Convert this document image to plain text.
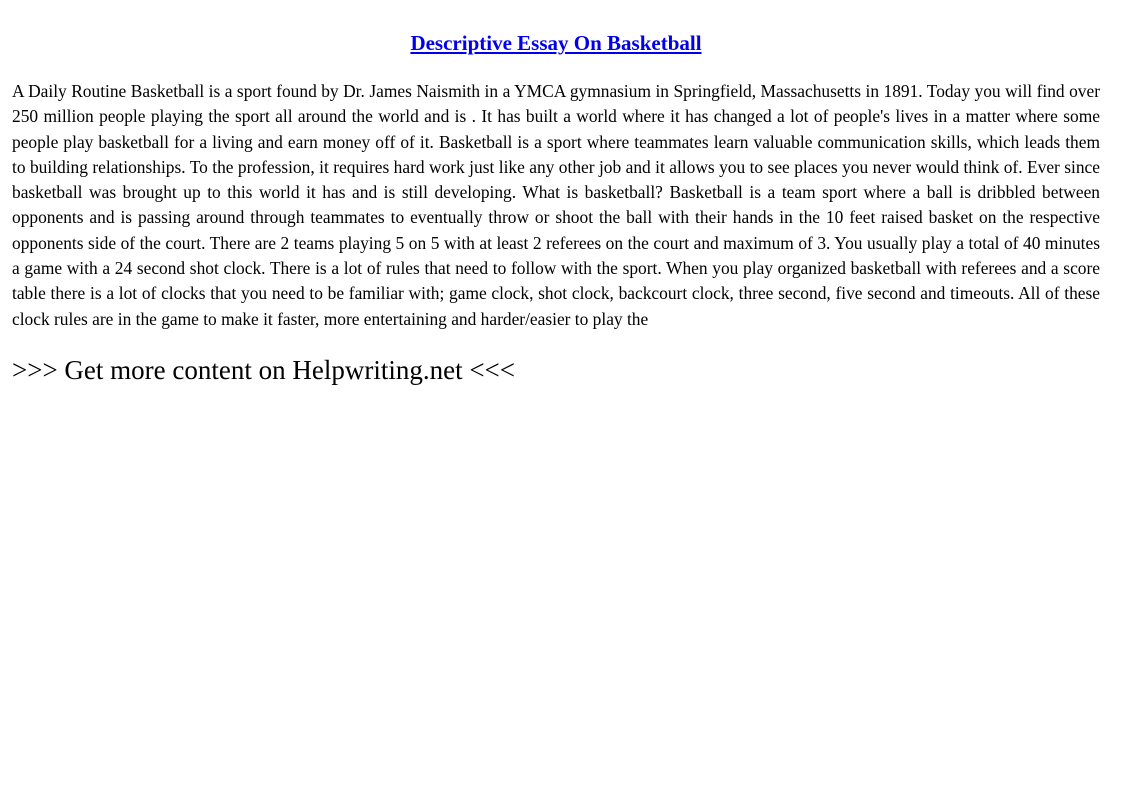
Descriptive Essay On Basketball

A Daily Routine Basketball is a sport found by Dr. James Naismith in a YMCA gymnasium in Springfield, Massachusetts in 1891. Today you will find over 250 million people playing the sport all around the world and is . It has built a world where it has changed a lot of people's lives in a matter where some people play basketball for a living and earn money off of it. Basketball is a sport where teammates learn valuable communication skills, which leads them to building relationships. To the profession, it requires hard work just like any other job and it allows you to see places you never would think of. Ever since basketball was brought up to this world it has and is still developing. What is basketball? Basketball is a team sport where a ball is dribbled between opponents and is passing around through teammates to eventually throw or shoot the ball with their hands in the 10 feet raised basket on the respective opponents side of the court. There are 2 teams playing 5 on 5 with at least 2 referees on the court and maximum of 3. You usually play a total of 40 minutes a game with a 24 second shot clock. There is a lot of rules that need to follow with the sport. When you play organized basketball with referees and a score table there is a lot of clocks that you need to be familiar with; game clock, shot clock, backcourt clock, three second, five second and timeouts. All of these clock rules are in the game to make it faster, more entertaining and harder/easier to play the

>>> Get more content on Helpwriting.net <<<
